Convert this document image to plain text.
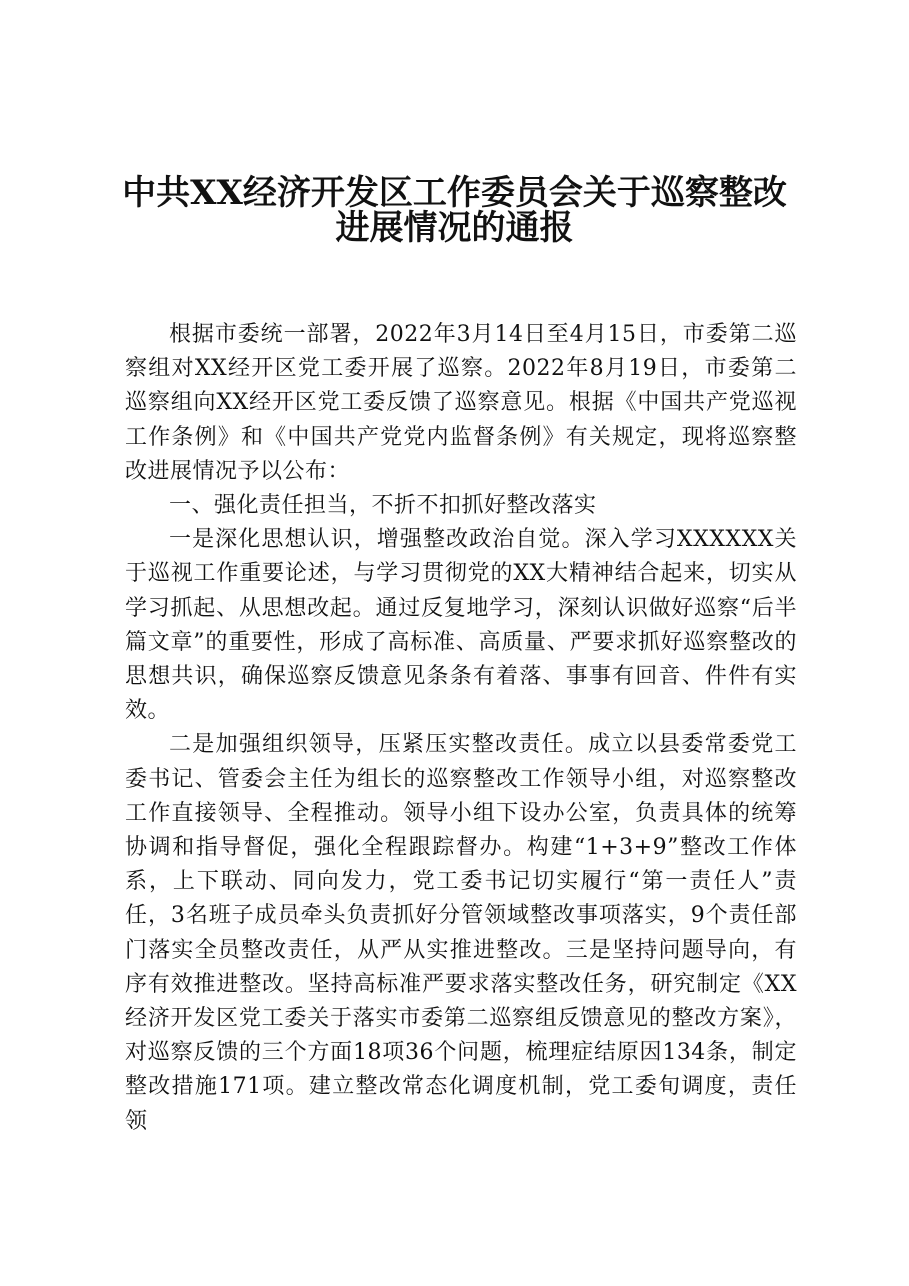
中共XX经济开发区工作委员会关于巡察整改
进展情况的通报

根据市委统一部署，2022年3月14日至4月15日，市委第二巡察组对XX经开区党工委开展了巡察。2022年8月19日，市委第二巡察组向XX经开区党工委反馈了巡察意见。根据《中国共产党巡视工作条例》和《中国共产党党内监督条例》有关规定，现将巡察整改进展情况予以公布：

一、强化责任担当，不折不扣抓好整改落实

一是深化思想认识，增强整改政治自觉。深入学习XXXXXX关于巡视工作重要论述，与学习贯彻党的XX大精神结合起来，切实从学习抓起、从思想改起。通过反复地学习，深刻认识做好巡察“后半篇文章”的重要性，形成了高标准、高质量、严要求抓好巡察整改的思想共识，确保巡察反馈意见条条有着落、事事有回音、件件有实效。

二是加强组织领导，压紧压实整改责任。成立以县委常委党工委书记、管委会主任为组长的巡察整改工作领导小组，对巡察整改工作直接领导、全程推动。领导小组下设办公室，负责具体的统筹协调和指导督促，强化全程跟踪督办。构建“1+3+9”整改工作体系，上下联动、同向发力，党工委书记切实履行“第一责任人”责任，3名班子成员牵头负责抓好分管领域整改事项落实，9个责任部门落实全员整改责任，从严从实推进整改。三是坚持问题导向，有序有效推进整改。坚持高标准严要求落实整改任务，研究制定《XX经济开发区党工委关于落实市委第二巡察组反馈意见的整改方案》，对巡察反馈的三个方面18项36个问题，梳理症结原因134条，制定整改措施171项。建立整改常态化调度机制，党工委旬调度，责任领
